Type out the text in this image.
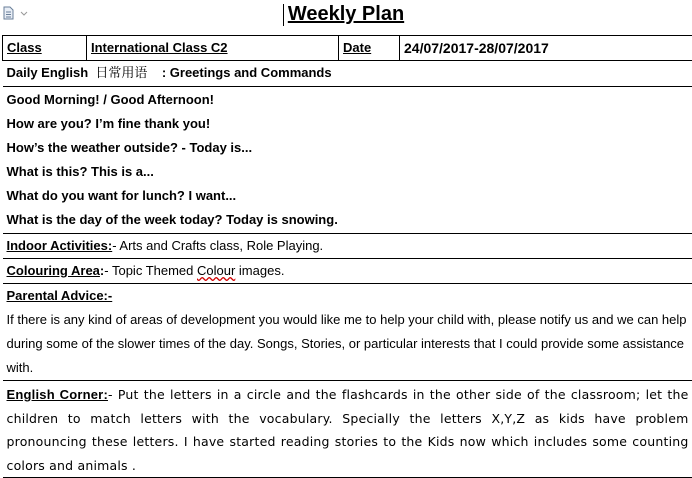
Weekly Plan
Class	International Class C2	Date	24/07/2017-28/07/2017
Daily English 日常用语 : Greetings and Commands

Good Morning! / Good Afternoon!
How are you? I’m fine thank you!
How’s the weather outside? - Today is...
What is this? This is a...
What do you want for lunch? I want...
What is the day of the week today? Today is snowing.

Indoor Activities:- Arts and Crafts class, Role Playing.
Colouring Area:- Topic Themed Colour images.

Parental Advice:-
If there is any kind of areas of development you would like me to help your child with, please notify us and we can help during some of the slower times of the day. Songs, Stories, or particular interests that I could provide some assistance with.

English Corner:- Put the letters in a circle and the flashcards in the other side of the classroom; let the children to match letters with the vocabulary. Specially the letters X,Y,Z as kids have problem pronouncing these letters. I have started reading stories to the Kids now which includes some counting colors and animals .
